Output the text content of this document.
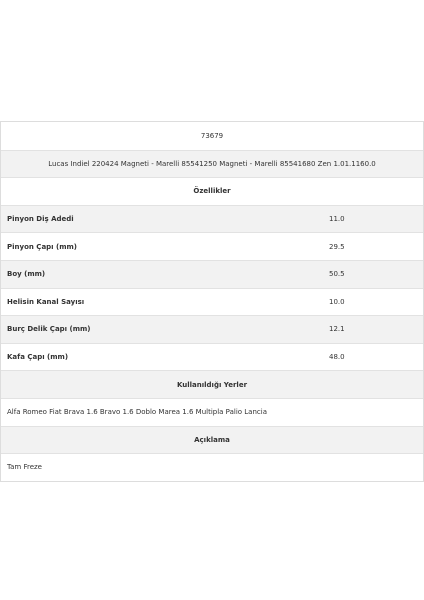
73679
Lucas Indiel 220424 Magneti - Marelli 85541250 Magneti - Marelli 85541680 Zen 1.01.1160.0
Özellikler
Pinyon Diş Adedi	11.0
Pinyon Çapı (mm)	29.5
Boy (mm)	50.5
Helisin Kanal Sayısı	10.0
Burç Delik Çapı (mm)	12.1
Kafa Çapı (mm)	48.0
Kullanıldığı Yerler
Alfa Romeo Fiat Brava 1.6 Bravo 1.6 Doblo Marea 1.6 Multipla Palio Lancia
Açıklama
Tam Freze
